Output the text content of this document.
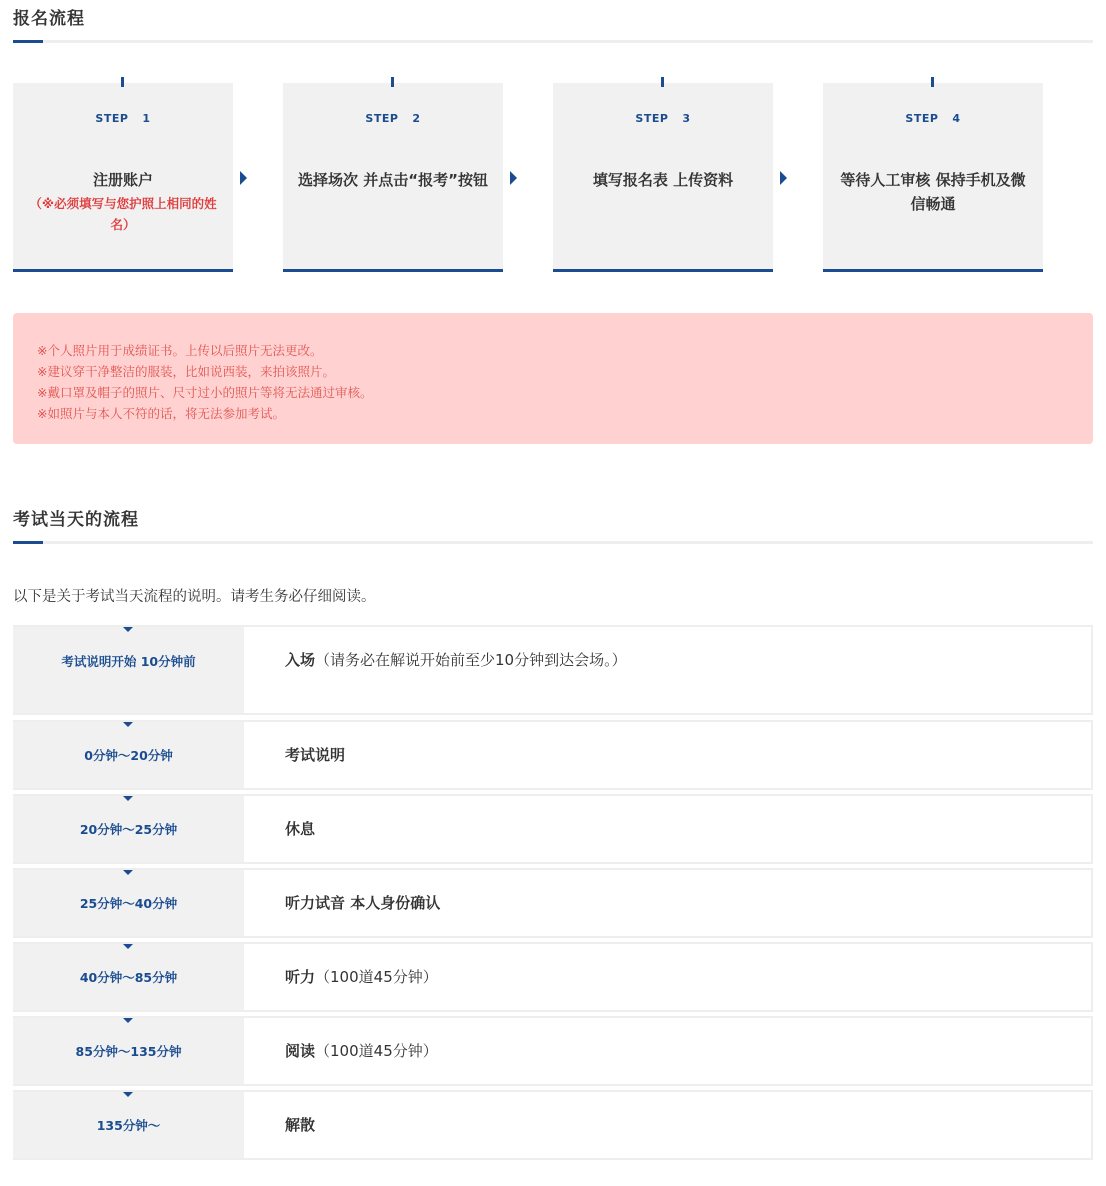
报名流程
STEP 1
注册账户
（※必须填写与您护照上相同的姓名）
STEP 2
选择场次 并点击“报考”按钮
STEP 3
填写报名表 上传资料
STEP 4
等待人工审核 保持手机及微信畅通
※个人照片用于成绩证书。上传以后照片无法更改。
※建议穿干净整洁的服装，比如说西装，来拍该照片。
※戴口罩及帽子的照片、尺寸过小的照片等将无法通过审核。
※如照片与本人不符的话，将无法参加考试。
考试当天的流程
以下是关于考试当天流程的说明。请考生务必仔细阅读。
考试说明开始 10分钟前	入场（请务必在解说开始前至少10分钟到达会场。）
0分钟～20分钟	考试说明
20分钟～25分钟	休息
25分钟～40分钟	听力试音 本人身份确认
40分钟～85分钟	听力（100道45分钟）
85分钟～135分钟	阅读（100道45分钟）
135分钟～	解散
